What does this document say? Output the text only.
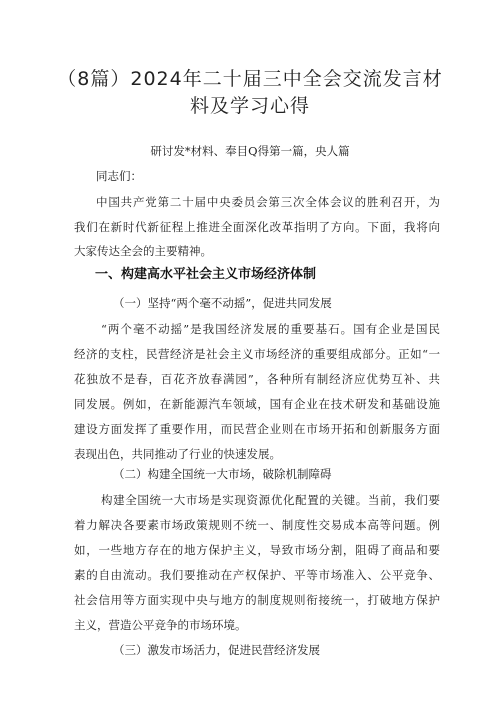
（8篇）2024年二十届三中全会交流发言材
料及学习心得
研讨发*材料、奉目Q得第一篇，央人篇
同志们：
中国共产党第二十届中央委员会第三次全体会议的胜利召开，为
我们在新时代新征程上推进全面深化改革指明了方向。下面，我将向
大家传达全会的主要精神。
一、构建高水平社会主义市场经济体制
（一）坚持“两个毫不动摇”，促进共同发展
“两个毫不动摇”是我国经济发展的重要基石。国有企业是国民
经济的支柱，民营经济是社会主义市场经济的重要组成部分。正如“一
花独放不是春，百花齐放春满园”，各种所有制经济应优势互补、共
同发展。例如，在新能源汽车领域，国有企业在技术研发和基础设施
建设方面发挥了重要作用，而民营企业则在市场开拓和创新服务方面
表现出色，共同推动了行业的快速发展。
（二）构建全国统一大市场，破除机制障碍
构建全国统一大市场是实现资源优化配置的关键。当前，我们要
着力解决各要素市场政策规则不统一、制度性交易成本高等问题。例
如，一些地方存在的地方保护主义，导致市场分割，阻碍了商品和要
素的自由流动。我们要推动在产权保护、平等市场准入、公平竞争、
社会信用等方面实现中央与地方的制度规则衔接统一，打破地方保护
主义，营造公平竞争的市场环境。
（三）激发市场活力，促进民营经济发展
